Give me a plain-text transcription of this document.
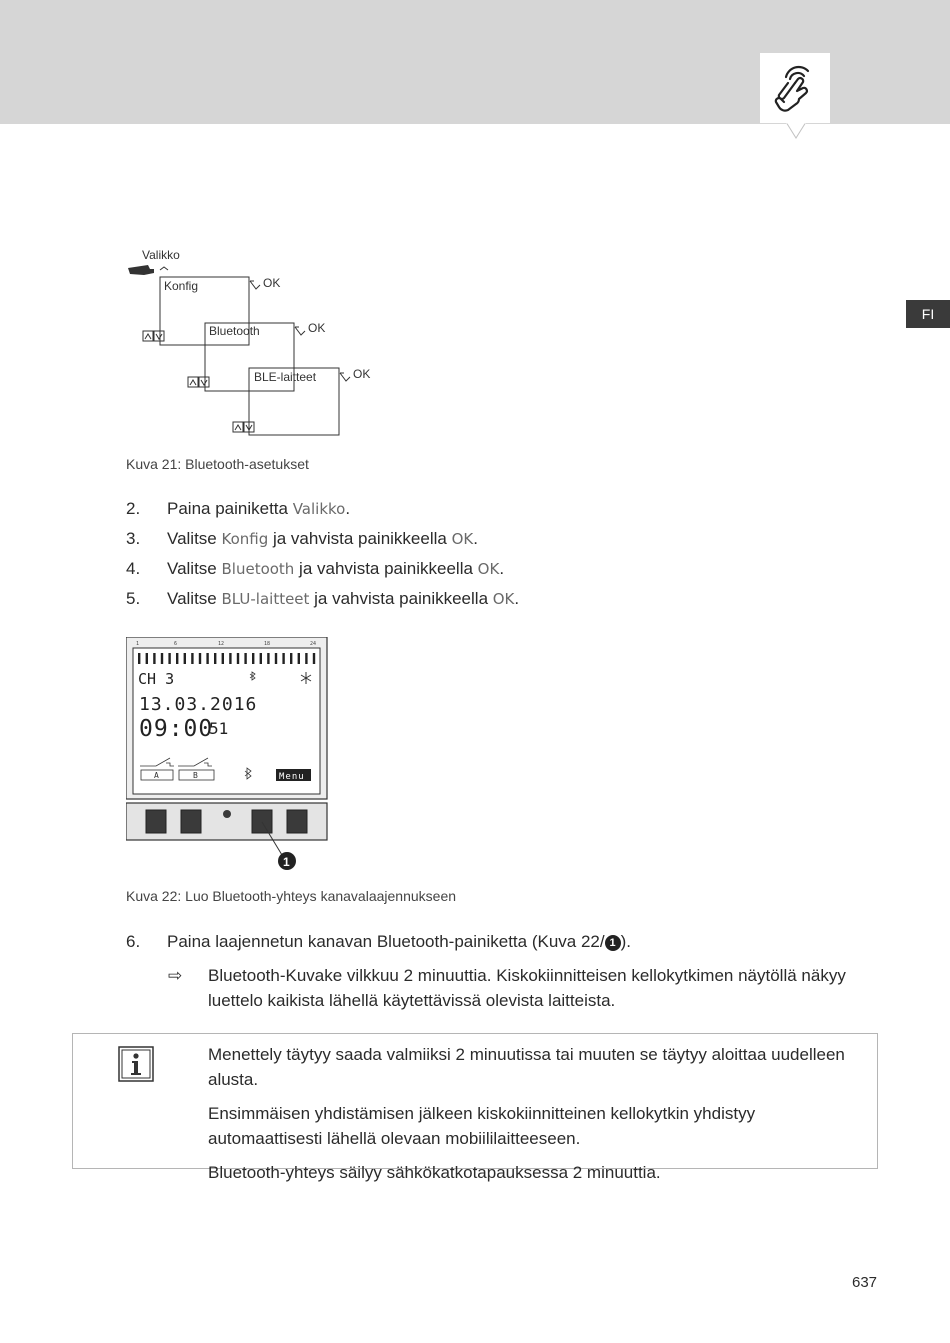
FI
Valikko
Konfig	OK
Bluetooth	OK
BLE-laitteet	OK
Kuva 21: Bluetooth-asetukset
2. Paina painiketta Valikko.
3. Valitse Konfig ja vahvista painikkeella OK.
4. Valitse Bluetooth ja vahvista painikkeella OK.
5. Valitse BLU-laitteet ja vahvista painikkeella OK.
1	6	12	18	24
CH 3
13.03.2016
09:00
51
A	B	Menu
1
Kuva 22: Luo Bluetooth-yhteys kanavalaajennukseen
6. Paina laajennetun kanavan Bluetooth-painiketta (Kuva 22/ 1 ).
⇨ Bluetooth-Kuvake vilkkuu 2 minuuttia. Kiskokiinnitteisen kellokytkimen näytöllä näkyy luettelo kaikista lähellä käytettävissä olevista laitteista.

Menettely täytyy saada valmiiksi 2 minuutissa tai muuten se täytyy aloittaa uudelleen alusta.

Ensimmäisen yhdistämisen jälkeen kiskokiinnitteinen kellokytkin yhdistyy automaattisesti lähellä olevaan mobiililaitteeseen.

Bluetooth-yhteys säilyy sähkökatkotapauksessa 2 minuuttia.

637
